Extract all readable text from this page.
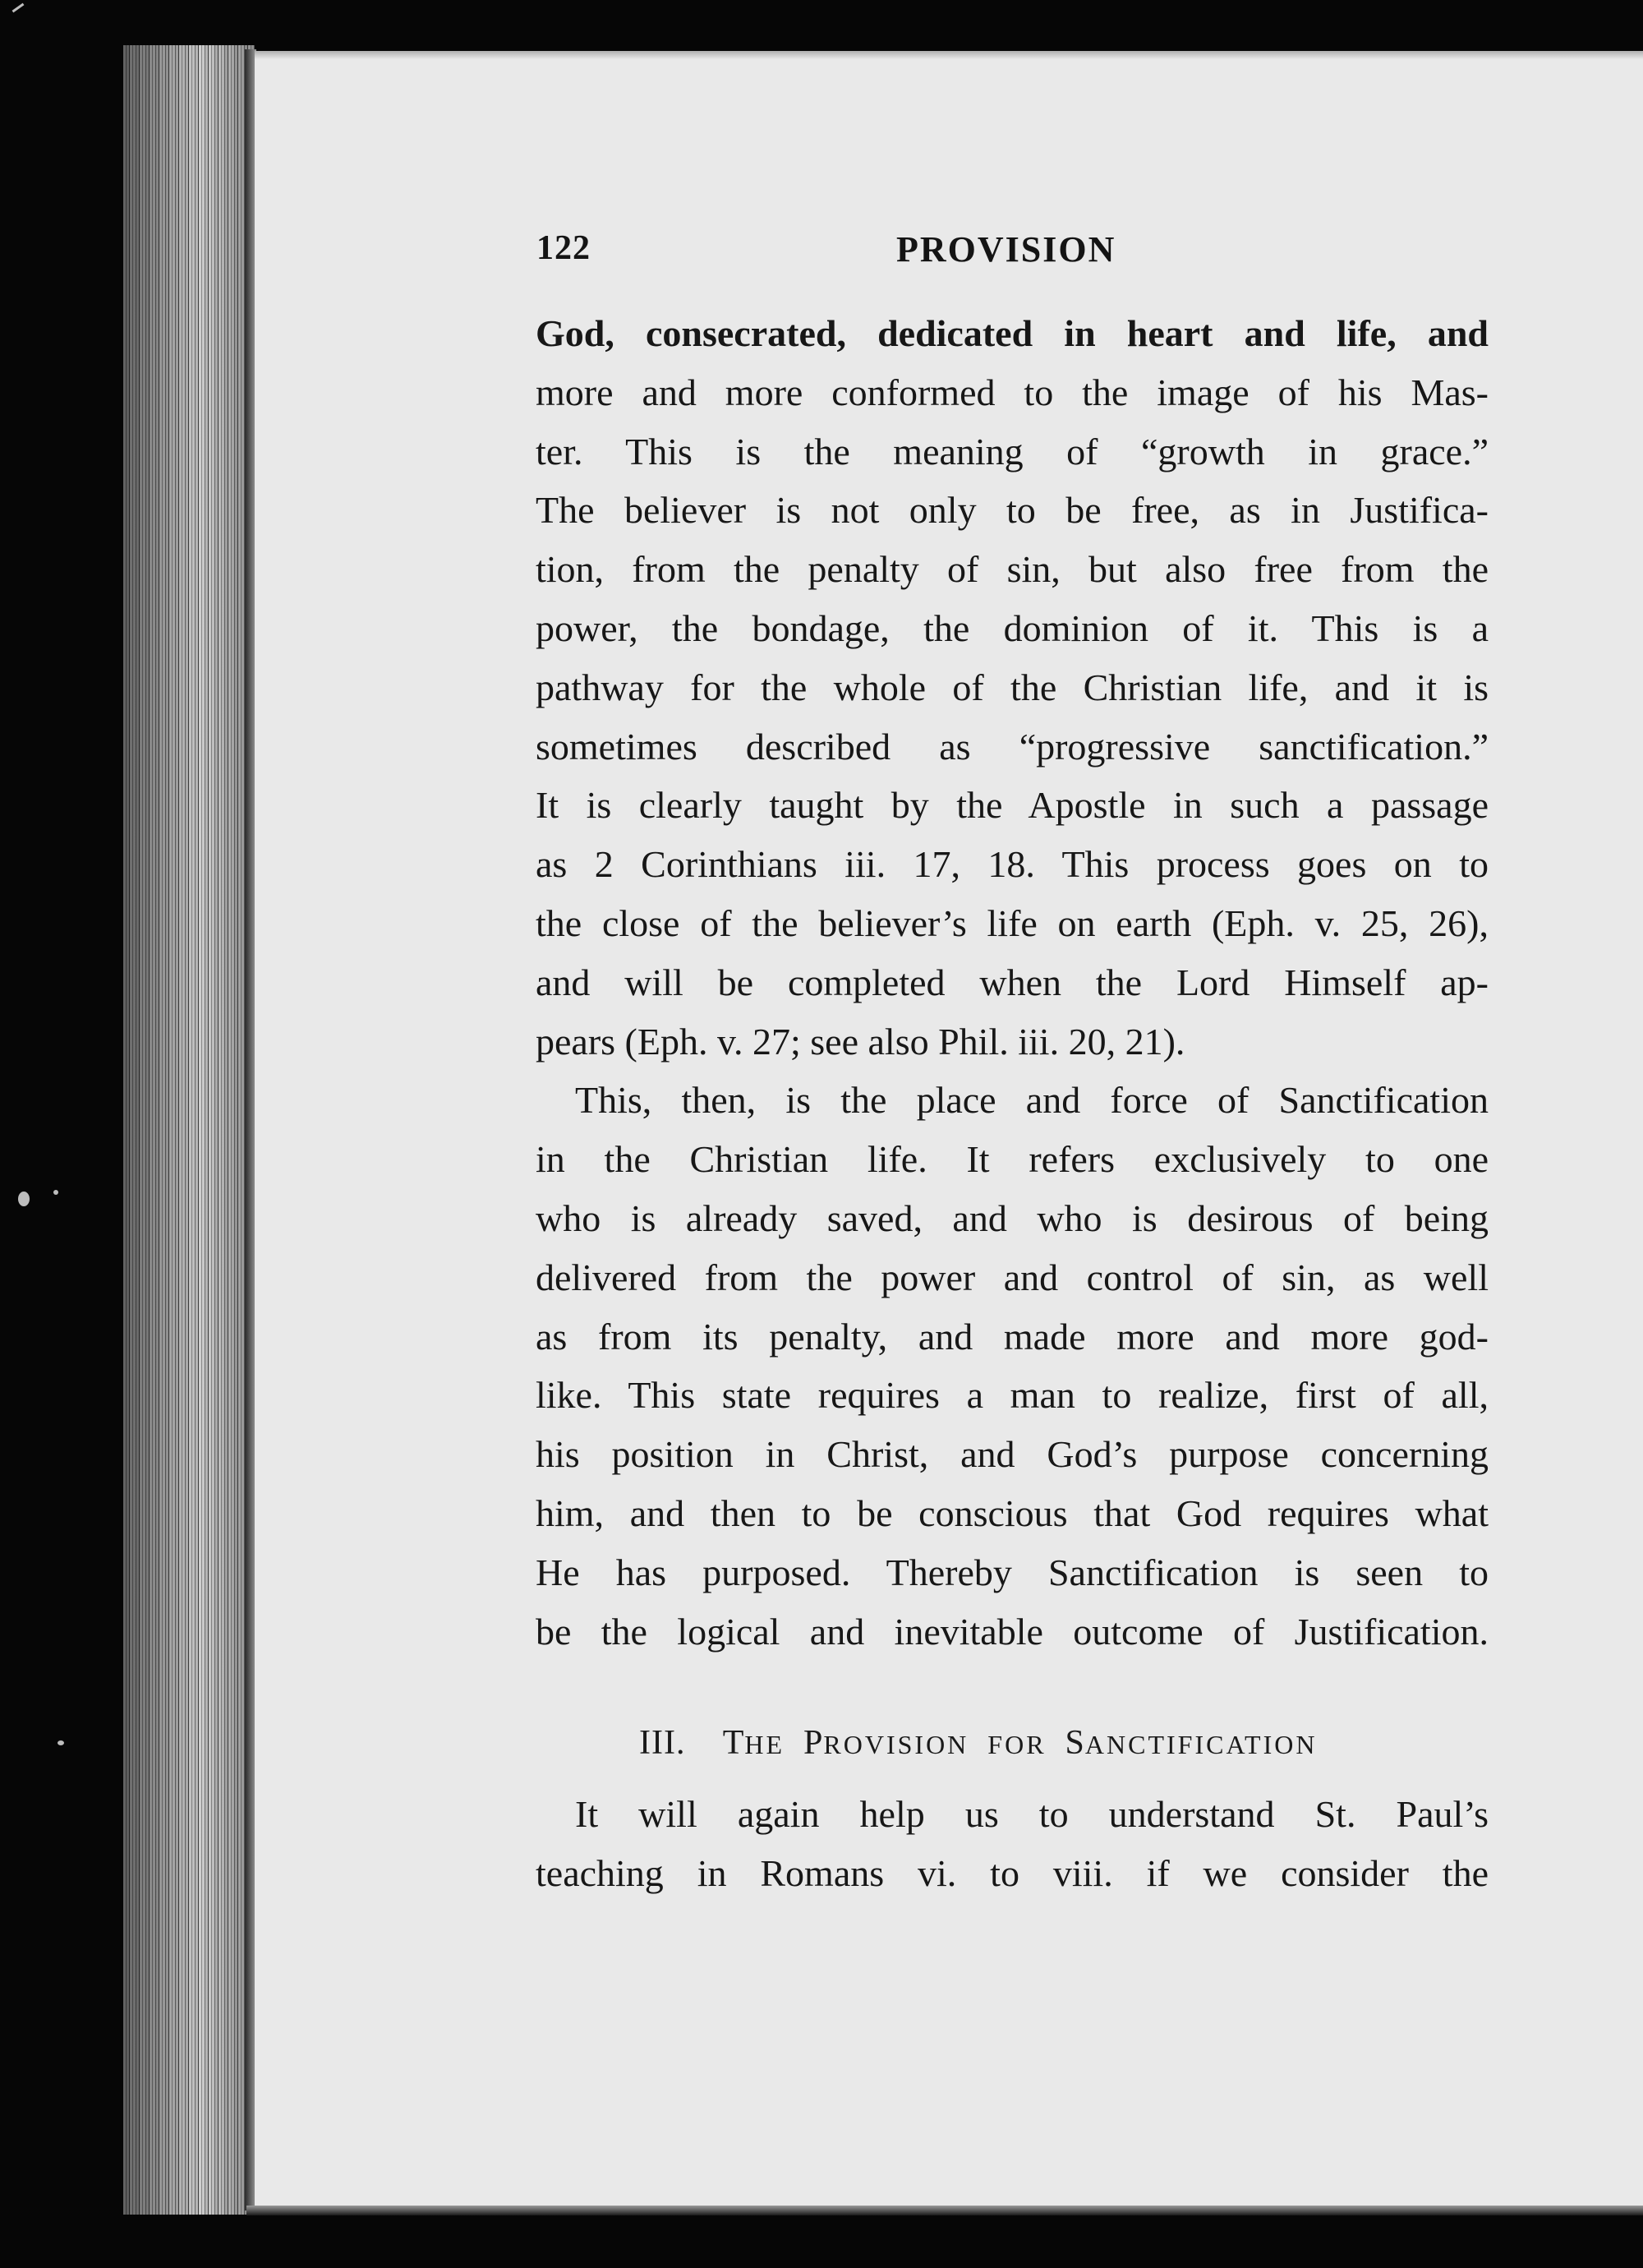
122	PROVISION
God, consecrated, dedicated in heart and life, and
more and more conformed to the image of his Mas-
ter. This is the meaning of “growth in grace.”
The believer is not only to be free, as in Justifica-
tion, from the penalty of sin, but also free from the
power, the bondage, the dominion of it. This is a
pathway for the whole of the Christian life, and it is
sometimes described as “progressive sanctification.”
It is clearly taught by the Apostle in such a passage
as 2 Corinthians iii. 17, 18. This process goes on to
the close of the believer’s life on earth (Eph. v. 25, 26),
and will be completed when the Lord Himself ap-
pears (Eph. v. 27; see also Phil. iii. 20, 21).
This, then, is the place and force of Sanctification
in the Christian life. It refers exclusively to one
who is already saved, and who is desirous of being
delivered from the power and control of sin, as well
as from its penalty, and made more and more god-
like. This state requires a man to realize, first of all,
his position in Christ, and God’s purpose concerning
him, and then to be conscious that God requires what
He has purposed. Thereby Sanctification is seen to
be the logical and inevitable outcome of Justification.
III. THE PROVISION FOR SANCTIFICATION
It will again help us to understand St. Paul’s
teaching in Romans vi. to viii. if we consider the
